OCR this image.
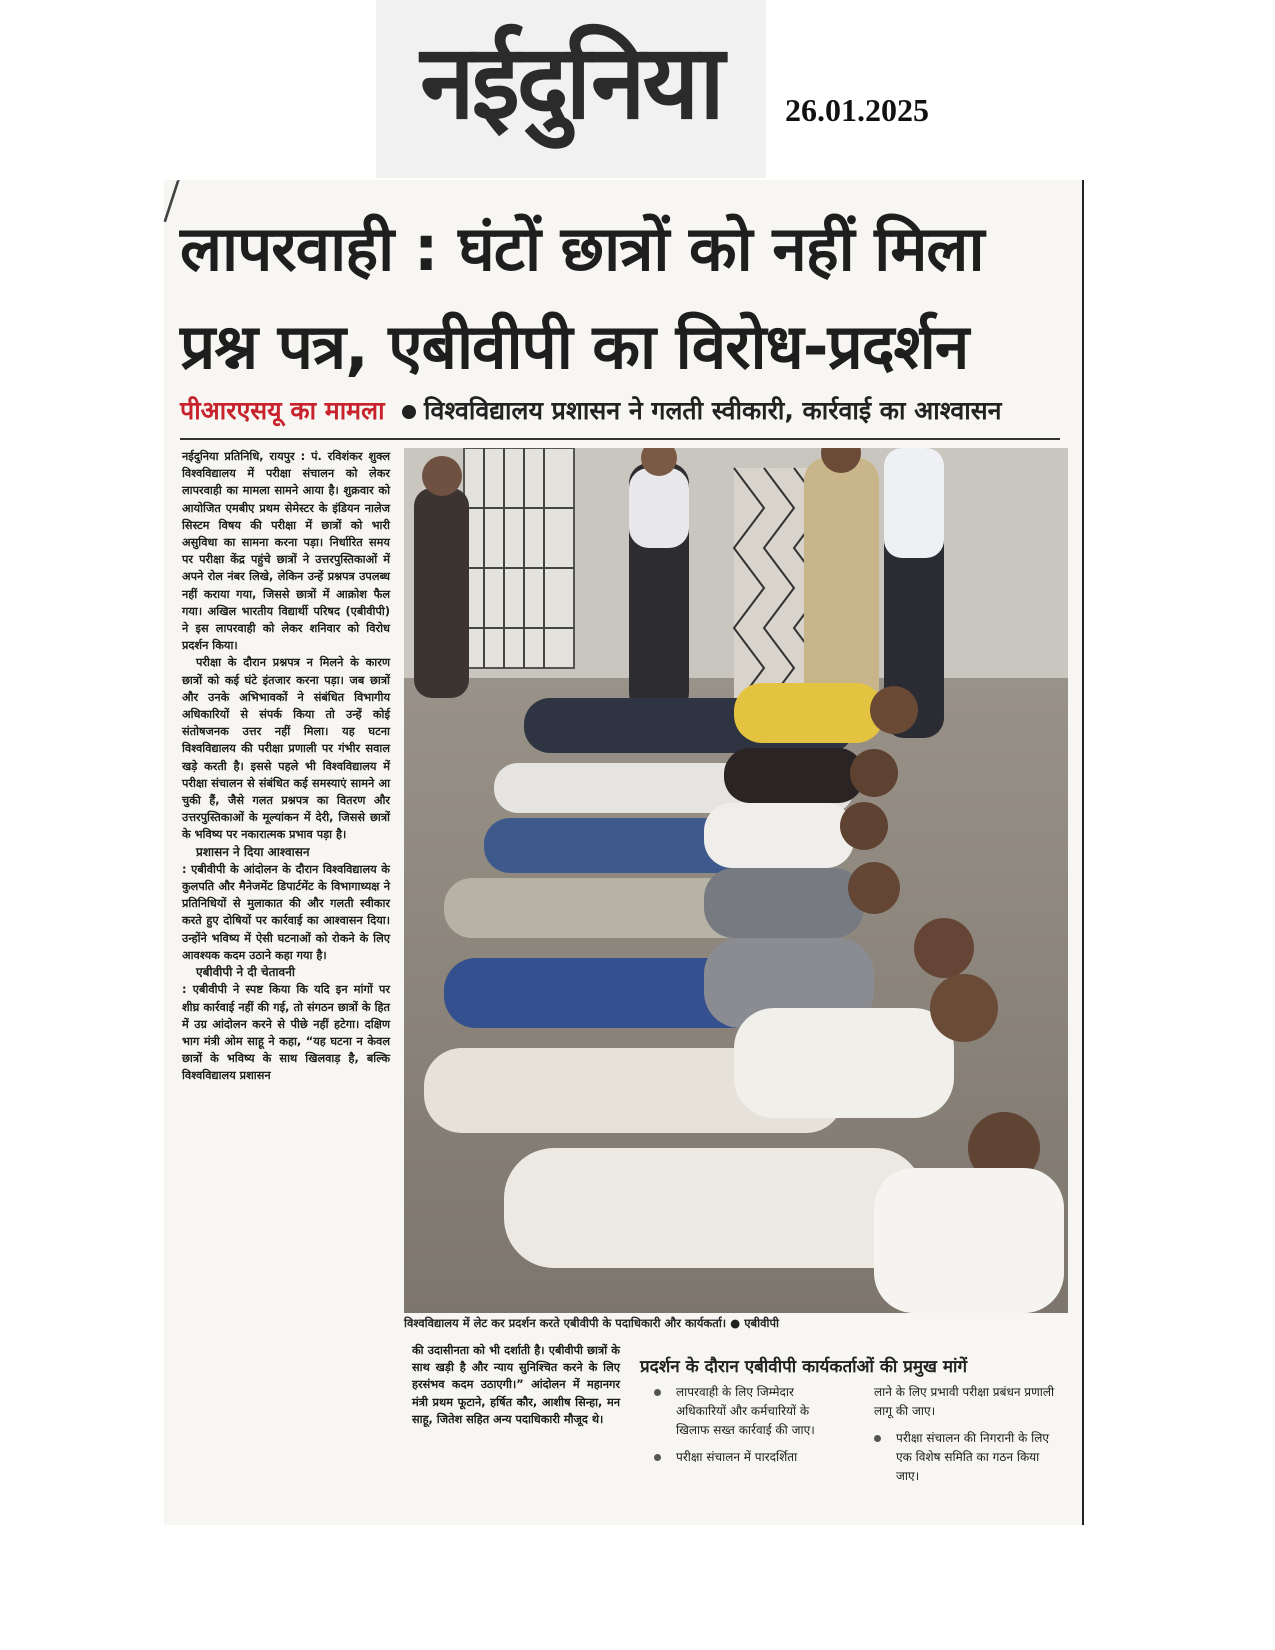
नईदुनिया	26.01.2025
लापरवाही : घंटों छात्रों को नहीं मिला
प्रश्न पत्र, एबीवीपी का विरोध-प्रदर्शन
पीआरएसयू का मामला	विश्वविद्यालय प्रशासन ने गलती स्वीकारी, कार्रवाई का आश्वासन

नईदुनिया प्रतिनिधि, रायपुर : पं. रविशंकर शुक्ल विश्वविद्यालय में परीक्षा संचालन को लेकर लापरवाही का मामला सामने आया है। शुक्रवार को आयोजित एमबीए प्रथम सेमेस्टर के इंडियन नालेज सिस्टम विषय की परीक्षा में छात्रों को भारी असुविधा का सामना करना पड़ा। निर्धारित समय पर परीक्षा केंद्र पहुंचे छात्रों ने उत्तरपुस्तिकाओं में अपने रोल नंबर लिखे, लेकिन उन्हें प्रश्नपत्र उपलब्ध नहीं कराया गया, जिससे छात्रों में आक्रोश फैल गया। अखिल भारतीय विद्यार्थी परिषद (एबीवीपी) ने इस लापरवाही को लेकर शनिवार को विरोध प्रदर्शन किया।

परीक्षा के दौरान प्रश्नपत्र न मिलने के कारण छात्रों को कई घंटे इंतजार करना पड़ा। जब छात्रों और उनके अभिभावकों ने संबंधित विभागीय अधिकारियों से संपर्क किया तो उन्हें कोई संतोषजनक उत्तर नहीं मिला। यह घटना विश्वविद्यालय की परीक्षा प्रणाली पर गंभीर सवाल खड़े करती है। इससे पहले भी विश्वविद्यालय में परीक्षा संचालन से संबंधित कई समस्याएं सामने आ चुकी हैं, जैसे गलत प्रश्नपत्र का वितरण और उत्तरपुस्तिकाओं के मूल्यांकन में देरी, जिससे छात्रों के भविष्य पर नकारात्मक प्रभाव पड़ा है।

प्रशासन ने दिया आश्वासन

: एबीवीपी के आंदोलन के दौरान विश्वविद्यालय के कुलपति और मैनेजमेंट डिपार्टमेंट के विभागाध्यक्ष ने प्रतिनिधियों से मुलाकात की और गलती स्वीकार करते हुए दोषियों पर कार्रवाई का आश्वासन दिया। उन्होंने भविष्य में ऐसी घटनाओं को रोकने के लिए आवश्यक कदम उठाने कहा गया है।

एबीवीपी ने दी चेतावनी

: एबीवीपी ने स्पष्ट किया कि यदि इन मांगों पर शीघ्र कार्रवाई नहीं की गई, तो संगठन छात्रों के हित में उग्र आंदोलन करने से पीछे नहीं हटेगा। दक्षिण भाग मंत्री ओम साहू ने कहा, “यह घटना न केवल छात्रों के भविष्य के साथ खिलवाड़ है, बल्कि विश्वविद्यालय प्रशासन

विश्वविद्यालय में लेट कर प्रदर्शन करते एबीवीपी के पदाधिकारी और कार्यकर्ता। ● एबीवीपी

की उदासीनता को भी दर्शाती है। एबीवीपी छात्रों के साथ खड़ी है और न्याय सुनिश्चित करने के लिए हरसंभव कदम उठाएगी।” आंदोलन में महानगर मंत्री प्रथम फूटाने, हर्षित कौर, आशीष सिन्हा, मन साहू, जितेश सहित अन्य पदाधिकारी मौजूद थे।

प्रदर्शन के दौरान एबीवीपी कार्यकर्ताओं की प्रमुख मांगें
लापरवाही के लिए जिम्मेदार अधिकारियों और कर्मचारियों के खिलाफ सख्त कार्रवाई की जाए।
परीक्षा संचालन में पारदर्शिता
लाने के लिए प्रभावी परीक्षा प्रबंधन प्रणाली लागू की जाए।
परीक्षा संचालन की निगरानी के लिए एक विशेष समिति का गठन किया जाए।
